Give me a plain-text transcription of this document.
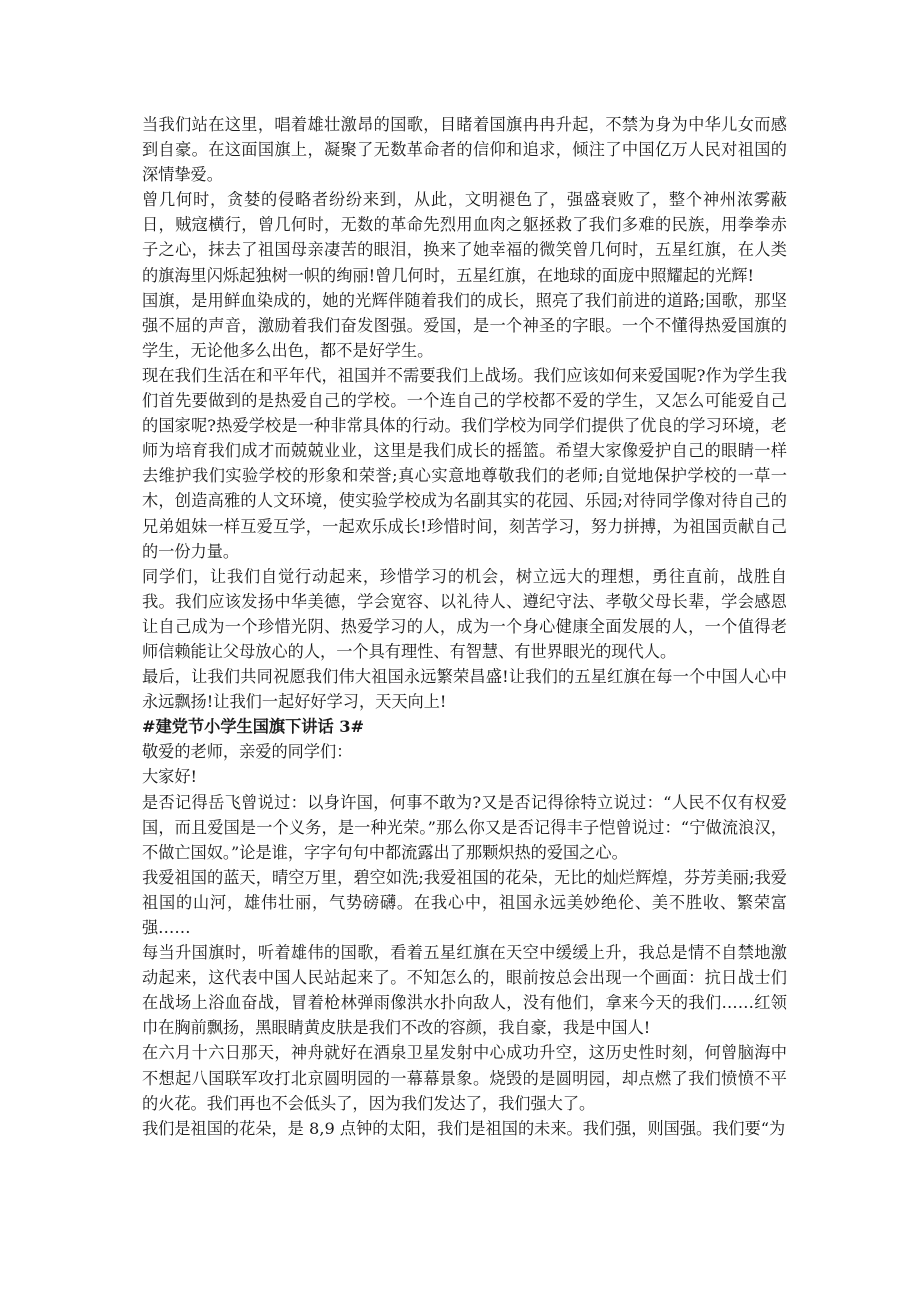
当我们站在这里，唱着雄壮激昂的国歌，目睹着国旗冉冉升起，不禁为身为中华儿女而感到自豪。在这面国旗上，凝聚了无数革命者的信仰和追求，倾注了中国亿万人民对祖国的深情挚爱。

曾几何时，贪婪的侵略者纷纷来到，从此，文明褪色了，强盛衰败了，整个神州浓雾蔽日，贼寇横行，曾几何时，无数的革命先烈用血肉之躯拯救了我们多难的民族，用拳拳赤子之心，抹去了祖国母亲凄苦的眼泪，换来了她幸福的微笑曾几何时，五星红旗，在人类的旗海里闪烁起独树一帜的绚丽!曾几何时，五星红旗，在地球的面庞中照耀起的光辉!

国旗，是用鲜血染成的，她的光辉伴随着我们的成长，照亮了我们前进的道路;国歌，那坚强不屈的声音，激励着我们奋发图强。爱国，是一个神圣的字眼。一个不懂得热爱国旗的学生，无论他多么出色，都不是好学生。

现在我们生活在和平年代，祖国并不需要我们上战场。我们应该如何来爱国呢?作为学生我们首先要做到的是热爱自己的学校。一个连自己的学校都不爱的学生，又怎么可能爱自己的国家呢?热爱学校是一种非常具体的行动。我们学校为同学们提供了优良的学习环境，老师为培育我们成才而兢兢业业，这里是我们成长的摇篮。希望大家像爱护自己的眼睛一样去维护我们实验学校的形象和荣誉;真心实意地尊敬我们的老师;自觉地保护学校的一草一木，创造高雅的人文环境，使实验学校成为名副其实的花园、乐园;对待同学像对待自己的兄弟姐妹一样互爱互学，一起欢乐成长!珍惜时间，刻苦学习，努力拼搏，为祖国贡献自己的一份力量。

同学们，让我们自觉行动起来，珍惜学习的机会，树立远大的理想，勇往直前，战胜自我。我们应该发扬中华美德，学会宽容、以礼待人、遵纪守法、孝敬父母长辈，学会感恩让自己成为一个珍惜光阴、热爱学习的人，成为一个身心健康全面发展的人，一个值得老师信赖能让父母放心的人，一个具有理性、有智慧、有世界眼光的现代人。

最后，让我们共同祝愿我们伟大祖国永远繁荣昌盛!让我们的五星红旗在每一个中国人心中永远飘扬!让我们一起好好学习，天天向上!

#建党节小学生国旗下讲话 3#

敬爱的老师，亲爱的同学们：

大家好!

是否记得岳飞曾说过：以身许国，何事不敢为?又是否记得徐特立说过：“人民不仅有权爱国，而且爱国是一个义务，是一种光荣。”那么你又是否记得丰子恺曾说过：“宁做流浪汉，不做亡国奴。”论是谁，字字句句中都流露出了那颗炽热的爱国之心。

我爱祖国的蓝天，晴空万里，碧空如洗;我爱祖国的花朵，无比的灿烂辉煌，芬芳美丽;我爱祖国的山河，雄伟壮丽，气势磅礴。在我心中，祖国永远美妙绝伦、美不胜收、繁荣富强……

每当升国旗时，听着雄伟的国歌，看着五星红旗在天空中缓缓上升，我总是情不自禁地激动起来，这代表中国人民站起来了。不知怎么的，眼前按总会出现一个画面：抗日战士们在战场上浴血奋战，冒着枪林弹雨像洪水扑向敌人，没有他们，拿来今天的我们……红领巾在胸前飘扬，黑眼睛黄皮肤是我们不改的容颜，我自豪，我是中国人!

在六月十六日那天，神舟就好在酒泉卫星发射中心成功升空，这历史性时刻，何曾脑海中不想起八国联军攻打北京圆明园的一幕幕景象。烧毁的是圆明园，却点燃了我们愤愤不平的火花。我们再也不会低头了，因为我们发达了，我们强大了。

我们是祖国的花朵，是 8,9 点钟的太阳，我们是祖国的未来。我们强，则国强。我们要“为
